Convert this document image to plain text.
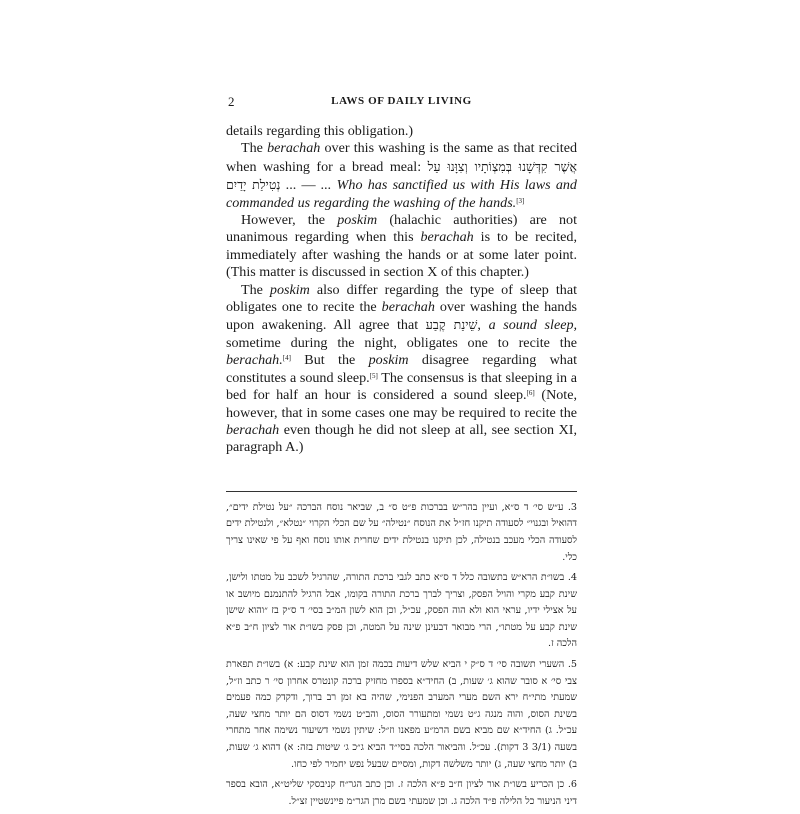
2	LAWS OF DAILY LIVING

details regarding this obligation.)

The berachah over this washing is the same as that recited when washing for a bread meal: אֲשֶׁר קִדְּשָׁנוּ בְּמִצְוֹתָיו וְצִוָּנוּ עַל נְטִילַת יָדַיִם ... — ... Who has sanctified us with His laws and commanded us regarding the washing of the hands.[3]

However, the poskim (halachic authorities) are not unanimous regarding when this berachah is to be recited, immediately after washing the hands or at some later point. (This matter is discussed in section X of this chapter.)

The poskim also differ regarding the type of sleep that obligates one to recite the berachah over washing the hands upon awakening. All agree that שֵׁינַת קֶבַע, a sound sleep, sometime during the night, obligates one to recite the berachah.[4] But the poskim disagree regarding what constitutes a sound sleep.[5] The consensus is that sleeping in a bed for half an hour is considered a sound sleep.[6] (Note, however, that in some cases one may be required to recite the berachah even though he did not sleep at all, see section XI, paragraph A.)

3. ע״ש סי׳ ד ס״א, ועיין בהר״ש בברכות פ״ט ס״ ב, שביאר נוסח הברכה ״על נטילת ידים״, דהואיל ובגנוי״ לסעודה תיקנו חז״ל את הנוסח ״נטילה״ על שם הכלי הקרוי ״נטלא״, ולנטילת ידים לסעודה הכלי מעכב בנטילה, לכן תיקנו בנטילת ידים שחרית אותו נוסח ואף על פי שאינו צריך כלי.

4. בשו״ת הרא״ש בתשובה כלל ד ס״א כתב לגבי ברכת התורה, שהרגיל לשכב על מטתו ולישן, שינת קבע מקרי והויל הפסק, וצריך לברך ברכת התורה בקומו, אבל הרגיל להתנמנם מיושב או על אצילי ידיו, עראי הוא ולא הוה הפסק, עכ״ל, וכן הוא לשון המ״ב בסי׳ ד ס״ק בז ״והוא שישן שינת קבע על מטתו״, הרי מבואר דבעינן שינה על המטה, וכן פסק בשו״ת אור לציון ח״ב פ״א הלכה ז.

5. השערי תשובה סי׳ ד ס״ק י הביא שלש דיעות בכמה זמן הוא שינת קבע: א) בשו״ת תפארת צבי סי׳ א סובר שהוא ג׳ שעות, ב) החיד״א בספרו מחזיק ברכה קונטרס אחרון סי׳ ר כתב וז״ל, שמעתי מתי״ח ירא השם מערי המערב הפנימי, שהיה בא זמן רב ברוך, ודקדק כמה פעמים בשינת הסוס, והוה מנגה ג״ט נשמי ומתעורר הסוס, והב״ט נשמי דסוס הם יותר מחצי שעה, עכ״ל. ג) החיד״א שם מביא בשם הרמ״ע מפאנו וז״ל: שיתין נשמי דשיעור נשימה אחר מתחרי בשעה (3/1 3 דקות). עכ״ל. והביאור הלכה בסי״ד הביא ג״כ ג׳ שיטות בזה: א) דהוא ג׳ שעות, ב) יותר מחצי שעה, ג) יותר משלשה דקות, ומסיים שבעל נפש יחמיר לפי כחו.

6. כן הכריע בשו״ת אור לציון ח״ב פ״א הלכה ז. וכן כתב הגר״ח קניבסקי שליט״א, הובא בספר דיני הניעור כל הלילה פ״ד הלכה ג. וכן שמעתי בשם מרן הגר״מ פיינשטיין זצ״ל.
